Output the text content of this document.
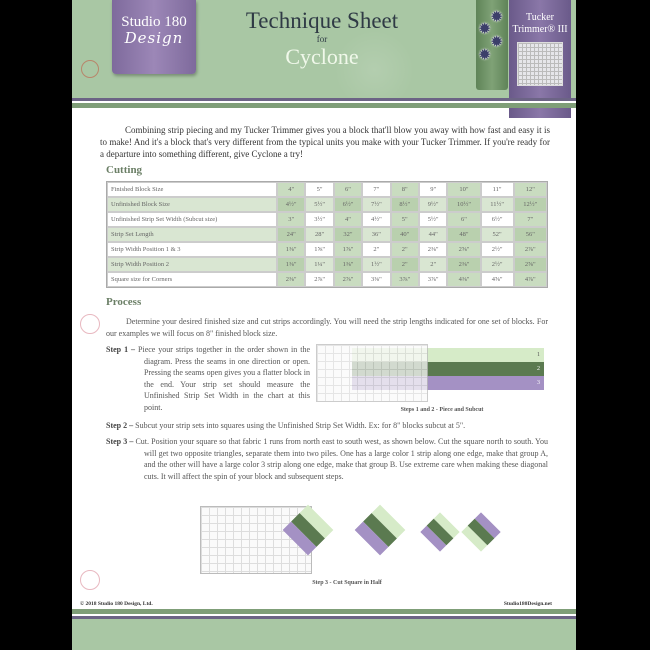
Studio 180
Design
Technique Sheet
for
Cyclone
✹
✹
✹
✹
Tucker Trimmer® III

Combining strip piecing and my Tucker Trimmer gives you a block that'll blow you away with how fast and easy it is to make! And it's a block that's very different from the typical units you make with your Tucker Trimmer. If you're ready for a departure into something different, give Cyclone a try!

Cutting
Finished Block Size	4"	5"	6"	7"	8"	9"	10"	11"	12"
Unfinished Block Size	4½"	5½"	6½"	7½"	8½"	9½"	10½"	11½"	12½"
Unfinished Strip Set Width (Subcut size)	3"	3½"	4"	4½"	5"	5½"	6"	6½"	7"
Strip Set Length	24"	28"	32"	36"	40"	44"	48"	52"	56"
Strip Width Position 1 & 3	1⅜"	1⅝"	1⅞"	2"	2"	2⅜"	2⅝"	2½"	2⅞"
Strip Width Position 2	1⅜"	1¼"	1⅜"	1½"	2"	2"	2⅜"	2½"	2⅝"
Square size for Corners	2⅜"	2⅞"	2⅞"	3⅜"	3⅞"	3⅞"	4⅜"	4⅝"	4⅞"
Process

Determine your desired finished size and cut strips accordingly. You will need the strip lengths indicated for one set of blocks. For our examples we will focus on 8" finished block size.

Step 1 – Piece your strips together in the order shown in the diagram. Press the seams in one direction or open. Pressing the seams open gives you a flatter block in the end. Your strip set should measure the Unfinished Strip Set Width in the chart at this point.

1
2
3
Steps 1 and 2 - Piece and Subcut

Step 2 – Subcut your strip sets into squares using the Unfinished Strip Set Width. Ex: for 8" blocks subcut at 5".

Step 3 – Cut. Position your square so that fabric 1 runs from north east to south west, as shown below. Cut the square north to south. You will get two opposite triangles, separate them into two piles. One has a large color 1 strip along one edge, make that group A, and the other will have a large color 3 strip along one edge, make that group B. Use extreme care when making these diagonal cuts. It will affect the spin of your block and subsequent steps.

Step 3 - Cut Square in Half
© 2018 Studio 180 Design, Ltd.	Studio180Design.net
